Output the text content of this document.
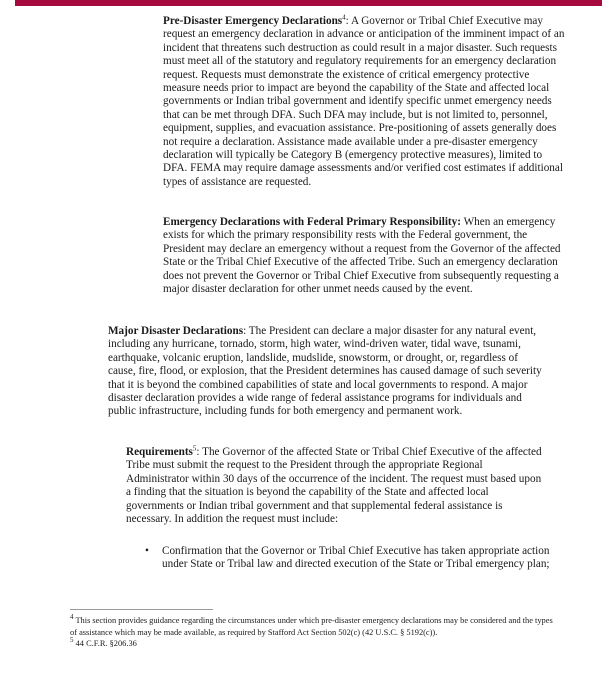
Pre-Disaster Emergency Declarations$^4$: A Governor or Tribal Chief Executive may request an emergency declaration in advance or anticipation of the imminent impact of an incident that threatens such destruction as could result in a major disaster. Such requests must meet all of the statutory and regulatory requirements for an emergency declaration request. Requests must demonstrate the existence of critical emergency protective measure needs prior to impact are beyond the capability of the State and affected local governments or Indian tribal government and identify specific unmet emergency needs that can be met through DFA. Such DFA may include, but is not limited to, personnel, equipment, supplies, and evacuation assistance. Pre-positioning of assets generally does not require a declaration. Assistance made available under a pre-disaster emergency declaration will typically be Category B (emergency protective measures), limited to DFA. FEMA may require damage assessments and/or verified cost estimates if additional types of assistance are requested.

Emergency Declarations with Federal Primary Responsibility: When an emergency exists for which the primary responsibility rests with the Federal government, the President may declare an emergency without a request from the Governor of the affected State or the Tribal Chief Executive of the affected Tribe. Such an emergency declaration does not prevent the Governor or Tribal Chief Executive from subsequently requesting a major disaster declaration for other unmet needs caused by the event.

Major Disaster Declarations: The President can declare a major disaster for any natural event, including any hurricane, tornado, storm, high water, wind-driven water, tidal wave, tsunami, earthquake, volcanic eruption, landslide, mudslide, snowstorm, or drought, or, regardless of cause, fire, flood, or explosion, that the President determines has caused damage of such severity that it is beyond the combined capabilities of state and local governments to respond. A major disaster declaration provides a wide range of federal assistance programs for individuals and public infrastructure, including funds for both emergency and permanent work.

Requirements$^5$: The Governor of the affected State or Tribal Chief Executive of the affected Tribe must submit the request to the President through the appropriate Regional Administrator within 30 days of the occurrence of the incident. The request must based upon a finding that the situation is beyond the capability of the State and affected local governments or Indian tribal government and that supplemental federal assistance is necessary. In addition the request must include:

• Confirmation that the Governor or Tribal Chief Executive has taken appropriate action under State or Tribal law and directed execution of the State or Tribal emergency plan;

$^4$ This section provides guidance regarding the circumstances under which pre-disaster emergency declarations may be considered and the types of assistance which may be made available, as required by Stafford Act Section 502(c) (42 U.S.C. § 5192(c)).

$^5$ 44 C.F.R. §206.36
